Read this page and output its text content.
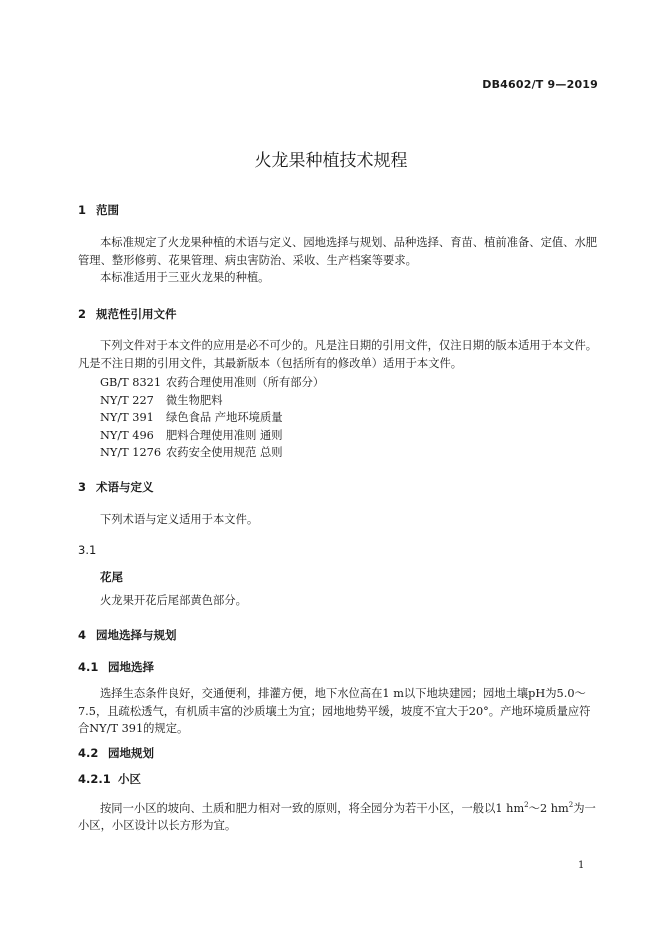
DB4602/T 9—2019
火龙果种植技术规程
1 范围
本标准规定了火龙果种植的术语与定义、园地选择与规划、品种选择、育苗、植前准备、定值、水肥管理、整形修剪、花果管理、病虫害防治、采收、生产档案等要求。
本标准适用于三亚火龙果的种植。
2 规范性引用文件
下列文件对于本文件的应用是必不可少的。凡是注日期的引用文件，仅注日期的版本适用于本文件。凡是不注日期的引用文件，其最新版本（包括所有的修改单）适用于本文件。
GB/T 8321 农药合理使用准则（所有部分）
NY/T 227 微生物肥料
NY/T 391 绿色食品 产地环境质量
NY/T 496 肥料合理使用准则 通则
NY/T 1276 农药安全使用规范 总则
3 术语与定义
下列术语与定义适用于本文件。
3.1
花尾
火龙果开花后尾部黄色部分。
4 园地选择与规划
4.1 园地选择
选择生态条件良好，交通便利，排灌方便，地下水位高在1 m以下地块建园；园地土壤pH为5.0～7.5，且疏松透气，有机质丰富的沙质壤土为宜；园地地势平缓，坡度不宜大于20°。产地环境质量应符合NY/T 391的规定。
4.2 园地规划
4.2.1 小区
按同一小区的坡向、土质和肥力相对一致的原则，将全园分为若干小区，一般以1 $hm^2\sim 2$ $hm^2$为一小区，小区设计以长方形为宜。
1
